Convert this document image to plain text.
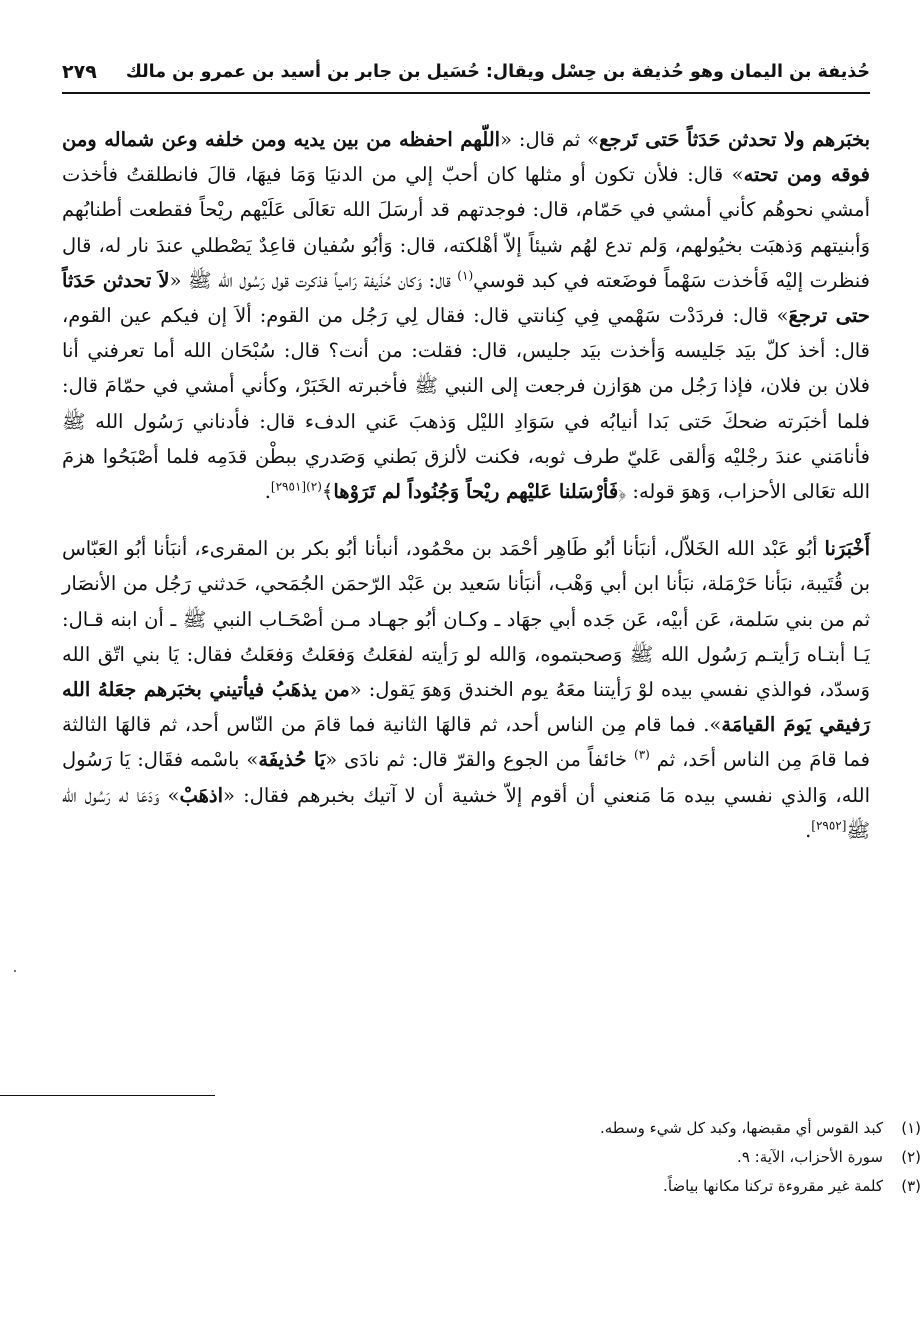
حُذيفة بن اليمان وهو حُذيفة بن حِسْل ويقال: حُسَيل بن جابر بن أسيد بن عمرو بن مالك
٢٧٩

بخبَرهم ولا تحدثن حَدَثاً حَتى تَرجع» ثم قال: «اللّهم احفظه من بين يديه ومن خلفه وعن شماله ومن فوقه ومن تحته» قال: فلأن تكون أو مثلها كان أحبّ إلي من الدنيَا وَمَا فيهَا، قالَ فانطلقتُ فأخذت أمشي نحوهُم كأني أمشي في حَمّام، قال: فوجدتهم قد أرسَلَ الله تعَالَى عَلَيْهم ريْحاً فقطعت أطنابُهم وَأبنيتهم وَذهبَت بخيُولهم، وَلم تدع لهُم شيئاً إلاّ أهْلكته، قال: وَأبُو سُفيان قاعِدٌ يَصْطلي عندَ نار له، قال فنظرت إليْه فَأخذت سَهْماً فوضَعته في كبد قوسي$^{(١)}$ قال: وَكان حُذَيفة رَامياً فذكرت قول رَسُول الله ﷺ «لاَ تحدثن حَدَثاً حتى ترجعَ» قال: فردَدْت سَهْمي فِي كِنانتي قال: فقال لِي رَجُل من القوم: ألاَ إن فيكم عين القوم، قال: أخذ كلّ بيَد جَليسه وَأخذت بيَد جليس، قال: فقلت: من أنت؟ قال: سُبْحَان الله أما تعرفني أنا فلان بن فلان، فإذا رَجُل من هوَازن فرجعت إلى النبي ﷺ فأخبرته الخَبَرْ، وكأني أمشي في حمّامَ قال: فلما أخبَرته ضحكَ حَتى بَدا أنيابُه في سَوَادِ الليْل وَذهبَ عَني الدفء قال: فأدناني رَسُول الله ﷺ فأنامَني عندَ رجْليْه وَألقى عَليّ طرف ثوبه، فكنت لألزق بَطني وَصَدري ببطْن قدَمِه فلما أصْبَحُوا هزمَ الله تعَالى الأحزاب، وَهوَ قوله: ﴿فَأرْسَلنا عَليْهم ريْحاً وَجُنُوداً لم تَرَوْها﴾$^{(٢)[٢٩٥١]}$.

أَخْبَرَنا أبُو عَبْد الله الخَلاّل، أنبَأنا أبُو طَاهِر أحْمَد بن محْمُود، أنبأنا أبُو بكر بن المقرىء، أنبَأنا أبُو العَبّاس بن قُتَيبة، نبَأنا حَرْمَلة، نبَأنا ابن أبي وَهْب، أنبَأنا سَعيد بن عَبْد الرّحمَن الجُمَحي، حَدثني رَجُل من الأنصَار ثم من بني سَلمة، عَن أبيْه، عَن جَده أبي جهَاد ـ وكـان أبُو جهـاد مـن أصْحَـاب النبي ﷺ ـ أن ابنه قـال: يَـا أبتـاه رَأيتـم رَسُول الله ﷺ وَصحبتموه، وَالله لو رَأيته لفعَلتُ وَفعَلتُ وَفعَلتُ فقال: يَا بني اتّق الله وَسدّد، فوالذي نفسي بيده لوْ رَأيتنا معَهُ يوم الخندق وَهوَ يَقول: «من يذهَبُ فيأتيني بخبَرهم جعَلهُ الله رَفيقي يَومَ القيامَة». فما قام مِن الناس أحد، ثم قالهَا الثانية فما قامَ من النّاس أحد، ثم قالهَا الثالثة فما قامَ مِن الناس أحَد، ثم $^{(٣)}$ خائفاً من الجوع والقرّ قال: ثم نادَى «يَا حُذيفَة» باسْمه فقَال: يَا رَسُول الله، وَالذي نفسي بيده مَا مَنعني أن أقوم إلاّ خشية أن لا آتيك بخبرهم فقال: «اذهَبْ» وَدَعَا له رَسُول الله ﷺ[٢٩٥٢].

(١)
كبد القوس أي مقبضها، وكبد كل شيء وسطه.
(٢)
سورة الأحزاب، الآية: ٩.
(٣)
كلمة غير مقروءة تركنا مكانها بياضاً.
